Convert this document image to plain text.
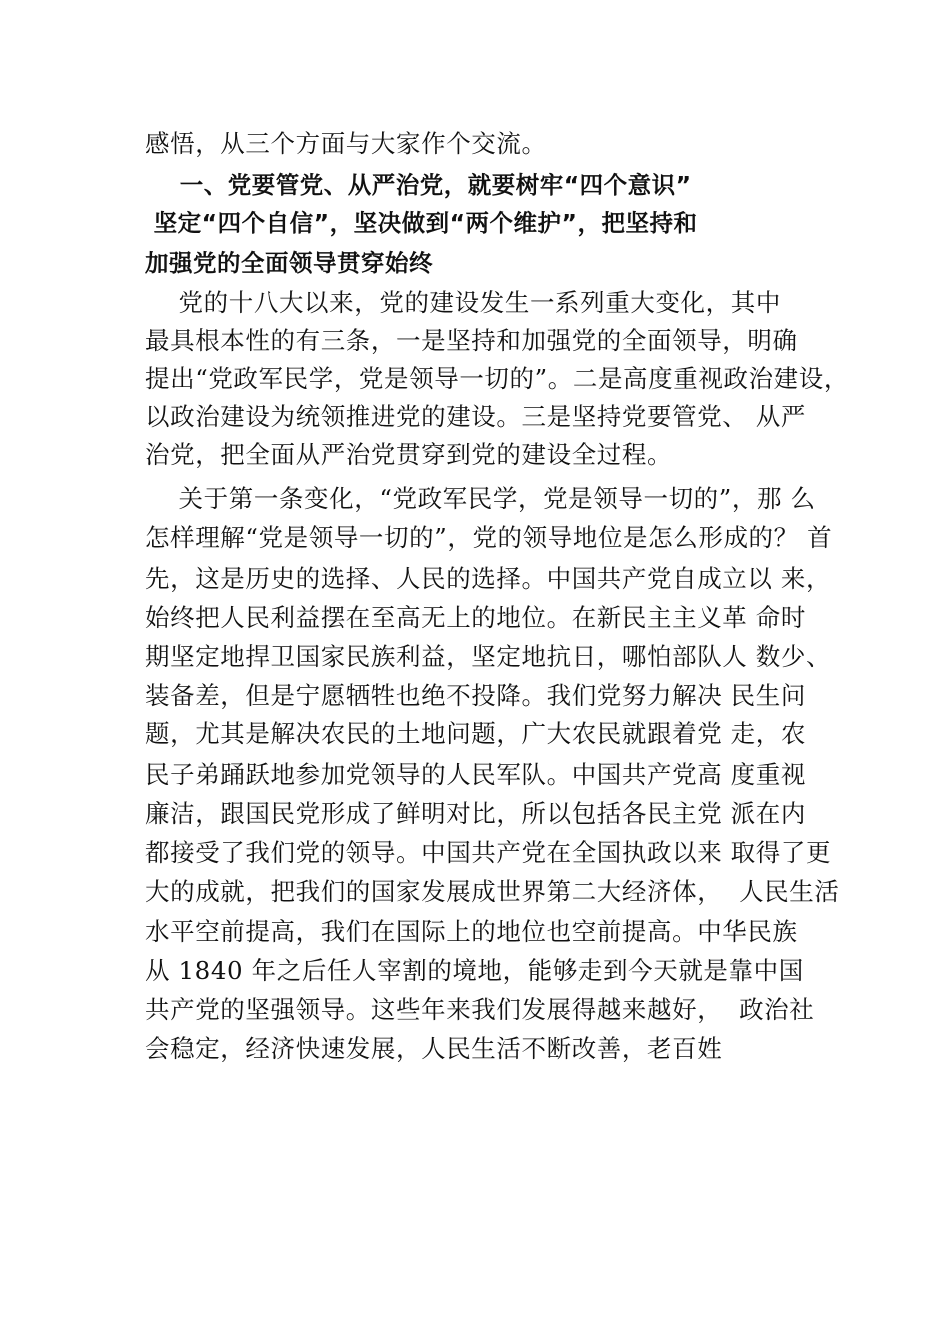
感悟，从三个方面与大家作个交流。
一、党要管党、从严治党，就要树牢“四个意识”
坚定“四个自信”，坚决做到“两个维护”，把坚持和
加强党的全面领导贯穿始终
党的十八大以来，党的建设发生一系列重大变化，其中
最具根本性的有三条，一是坚持和加强党的全面领导，明确
提出“党政军民学，党是领导一切的”。二是高度重视政治建设，
以政治建设为统领推进党的建设。三是坚持党要管党、 从严
治党，把全面从严治党贯穿到党的建设全过程。
关于第一条变化，“党政军民学，党是领导一切的”，那 么
怎样理解“党是领导一切的”，党的领导地位是怎么形成的？ 首
先，这是历史的选择、人民的选择。中国共产党自成立以 来，
始终把人民利益摆在至高无上的地位。在新民主主义革 命时
期坚定地捍卫国家民族利益，坚定地抗日，哪怕部队人 数少、
装备差，但是宁愿牺牲也绝不投降。我们党努力解决 民生问
题，尤其是解决农民的土地问题，广大农民就跟着党 走，农
民子弟踊跃地参加党领导的人民军队。中国共产党高 度重视
廉洁，跟国民党形成了鲜明对比，所以包括各民主党 派在内
都接受了我们党的领导。中国共产党在全国执政以来 取得了更
大的成就，把我们的国家发展成世界第二大经济体，  人民生活
水平空前提高，我们在国际上的地位也空前提高。中华民族
从 1840 年之后任人宰割的境地，能够走到今天就是靠中国
共产党的坚强领导。这些年来我们发展得越来越好，  政治社
会稳定，经济快速发展，人民生活不断改善，老百姓
